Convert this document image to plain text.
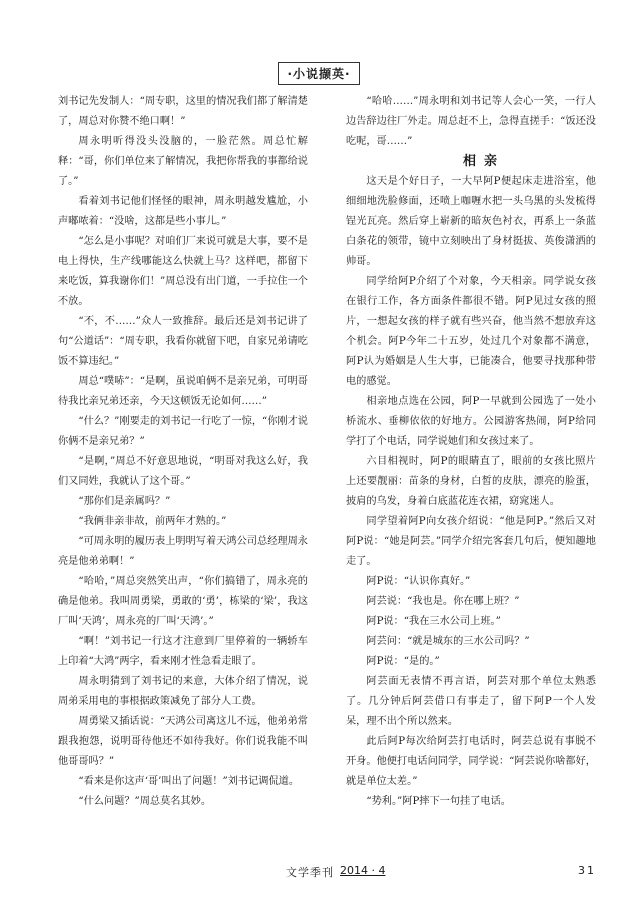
·小说撷英·

刘书记先发制人：“周专职，这里的情况我们都了解清楚了，周总对你赞不绝口啊！”

周永明听得没头没脑的，一脸茫然。周总忙解释：“哥，你们单位来了解情况，我把你帮我的事都给说了。”

看着刘书记他们怪怪的眼神，周永明越发尴尬，小声嘟哝着：“没啥，这都是些小事儿。”

“怎么是小事呢？对咱们厂来说可就是大事，要不是电上得快，生产线哪能这么快就上马？这样吧，都留下来吃饭，算我谢你们！”周总没有出门道，一手拉住一个不放。

“不，不……”众人一致推辞。最后还是刘书记讲了句“公道话”：“周专职，我看你就留下吧，自家兄弟请吃饭不算违纪。”

周总“噗哧”：“是啊，虽说咱俩不是亲兄弟，可明哥待我比亲兄弟还亲，今天这顿饭无论如何……”

“什么？”刚要走的刘书记一行吃了一惊，“你刚才说你俩不是亲兄弟？”

“是啊，”周总不好意思地说，“明哥对我这么好，我们又同姓，我就认了这个哥。”

“那你们是亲属吗？”

“我俩非亲非故，前两年才熟的。”

“可周永明的履历表上明明写着天鸿公司总经理周永亮是他弟弟啊！”

“哈哈，”周总突然笑出声，“你们搞错了，周永亮的确是他弟。我叫周勇梁，勇敢的‘勇’，栋梁的‘梁’，我这厂叫‘天鸿’，周永亮的厂叫‘天鸿’。”

“啊！”刘书记一行这才注意到厂里停着的一辆轿车上印着“大鸿”两字，看来刚才性急看走眼了。

周永明猜到了刘书记的来意，大体介绍了情况，说周弟采用电的事根据政策减免了部分人工费。

周勇梁又插话说：“天鸿公司离这儿不远，他弟弟常跟我抱怨，说明哥待他还不如待我好。你们说我能不叫他哥哥吗？”

“看来是你这声‘哥’叫出了问题！”刘书记调侃道。

“什么问题？”周总莫名其妙。

“哈哈……”周永明和刘书记等人会心一笑，一行人边告辞边往厂外走。周总赶不上，急得直搓手：“饭还没吃呢，哥……”

相亲

这天是个好日子，一大早阿P便起床走进浴室，他细细地洗脸修面，还喷上咖喱水把一头乌黑的头发梳得锃光瓦亮。然后穿上崭新的暗灰色衬衣，再系上一条蓝白条花的领带，镜中立刻映出了身材挺拔、英俊潇洒的帅哥。

同学给阿P介绍了个对象，今天相亲。同学说女孩在银行工作，各方面条件都很不错。阿P见过女孩的照片，一想起女孩的样子就有些兴奋，他当然不想放弃这个机会。阿P今年二十五岁，处过几个对象都不满意，阿P认为婚姻是人生大事，已能凑合，他要寻找那种带电的感觉。

相亲地点选在公园，阿P一早就到公园选了一处小桥流水、垂柳依依的好地方。公园游客热闹，阿P给同学打了个电话，同学说她们和女孩过来了。

六目相视时，阿P的眼睛直了，眼前的女孩比照片上还要靓丽：苗条的身材，白皙的皮肤，漂亮的脸蛋，披肩的乌发，身着白底蓝花连衣裙，窈窕迷人。

同学望着阿P向女孩介绍说：“他是阿P。”然后又对阿P说：“她是阿芸。”同学介绍完客套几句后，便知趣地走了。

阿P说：“认识你真好。”

阿芸说：“我也是。你在哪上班？”

阿P说：“我在三水公司上班。”

阿芸问：“就是城东的三水公司吗？”

阿P说：“是的。”

阿芸面无表情不再言语，阿芸对那个单位太熟悉了。几分钟后阿芸借口有事走了，留下阿P一个人发呆，理不出个所以然来。

此后阿P每次给阿芸打电话时，阿芸总说有事脱不开身。他便打电话问同学，同学说：“阿芸说你啥都好，就是单位太差。”

“势利。”阿P摔下一句挂了电话。

文学季刊 2014 · 4	31
